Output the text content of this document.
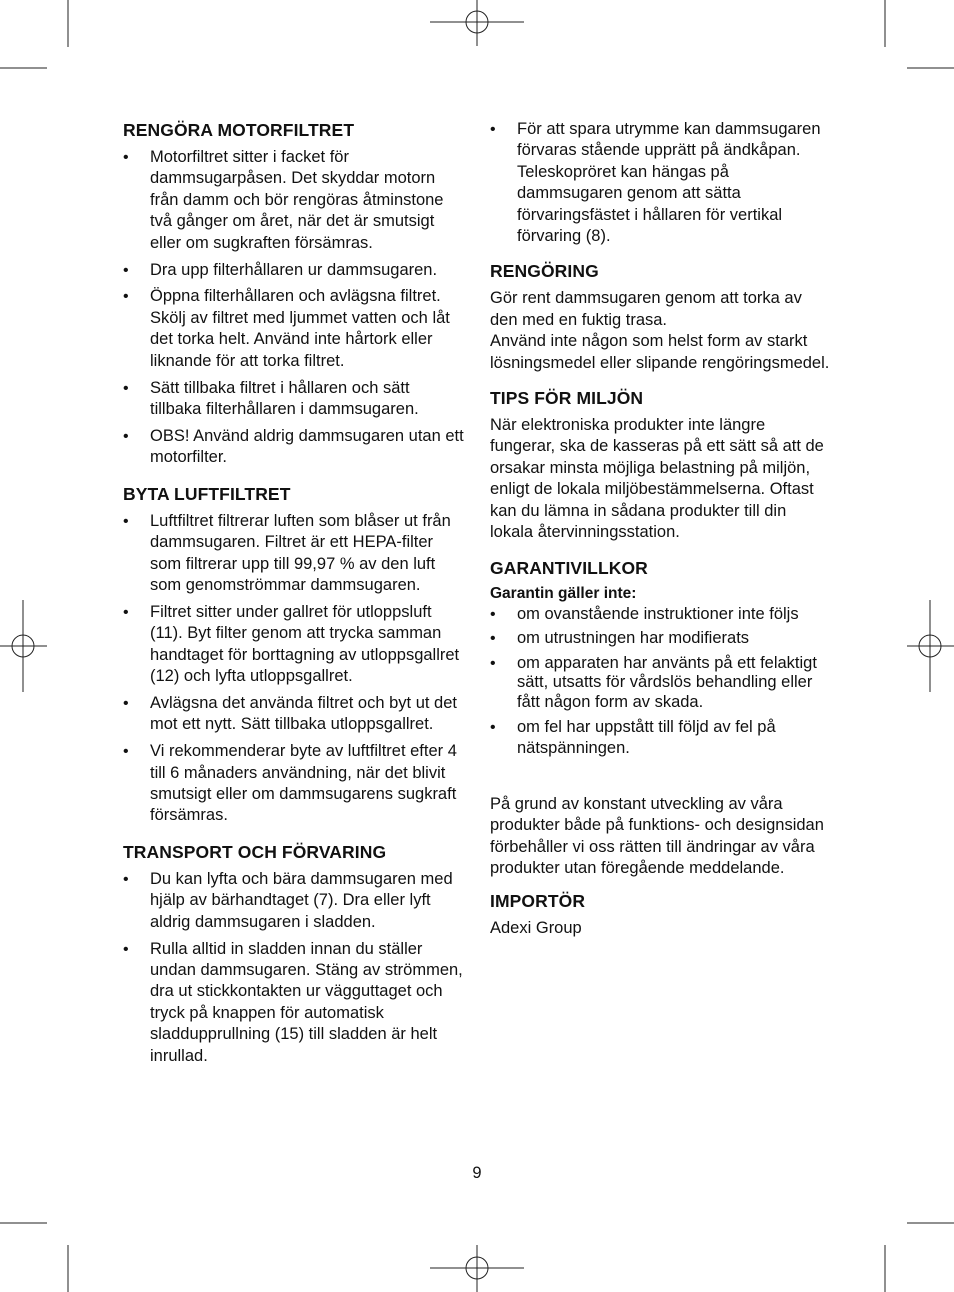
RENGÖRA MOTORFILTRET
• Motorfiltret sitter i facket för dammsugarpåsen. Det skyddar motorn från damm och bör rengöras åtminstone två gånger om året, när det är smutsigt eller om sugkraften försämras.
• Dra upp filterhållaren ur dammsugaren.
• Öppna filterhållaren och avlägsna filtret. Skölj av filtret med ljummet vatten och låt det torka helt. Använd inte hårtork eller liknande för att torka filtret.
• Sätt tillbaka filtret i hållaren och sätt tillbaka filterhållaren i dammsugaren.
• OBS! Använd aldrig dammsugaren utan ett motorfilter.
BYTA LUFTFILTRET
• Luftfiltret filtrerar luften som blåser ut från dammsugaren. Filtret är ett HEPA-filter som filtrerar upp till 99,97 % av den luft som genomströmmar dammsugaren.
• Filtret sitter under gallret för utloppsluft (11). Byt filter genom att trycka samman handtaget för borttagning av utloppsgallret (12) och lyfta utloppsgallret.
• Avlägsna det använda filtret och byt ut det mot ett nytt. Sätt tillbaka utloppsgallret.
• Vi rekommenderar byte av luftfiltret efter 4 till 6 månaders användning, när det blivit smutsigt eller om dammsugarens sugkraft försämras.
TRANSPORT OCH FÖRVARING
• Du kan lyfta och bära dammsugaren med hjälp av bärhandtaget (7). Dra eller lyft aldrig dammsugaren i sladden.
• Rulla alltid in sladden innan du ställer undan dammsugaren. Stäng av strömmen, dra ut stickkontakten ur vägguttaget och tryck på knappen för automatisk sladdupprullning (15) till sladden är helt inrullad.
• För att spara utrymme kan dammsugaren förvaras stående upprätt på ändkåpan. Teleskopröret kan hängas på dammsugaren genom att sätta förvaringsfästet i hållaren för vertikal förvaring (8).
RENGÖRING

Gör rent dammsugaren genom att torka av den med en fuktig trasa.

Använd inte någon som helst form av starkt lösningsmedel eller slipande rengöringsmedel.

TIPS FÖR MILJÖN

När elektroniska produkter inte längre fungerar, ska de kasseras på ett sätt så att de orsakar minsta möjliga belastning på miljön, enligt de lokala miljöbestämmelserna. Oftast kan du lämna in sådana produkter till din lokala återvinningsstation.

GARANTIVILLKOR
Garantin gäller inte:
• om ovanstående instruktioner inte följs
• om utrustningen har modifierats
• om apparaten har använts på ett felaktigt sätt, utsatts för vårdslös behandling eller fått någon form av skada.
• om fel har uppstått till följd av fel på nätspänningen.

På grund av konstant utveckling av våra produkter både på funktions- och designsidan förbehåller vi oss rätten till ändringar av våra produkter utan föregående meddelande.

IMPORTÖR

Adexi Group

9
